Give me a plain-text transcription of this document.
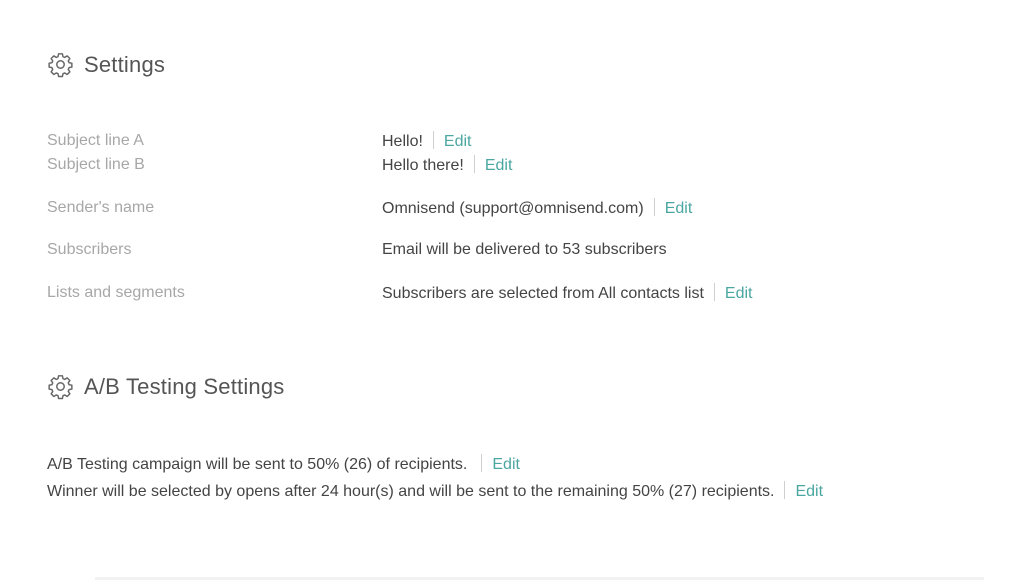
Settings
Subject line A	Hello! Edit
Subject line B	Hello there! Edit
Sender's name	Omnisend (support@omnisend.com) Edit
Subscribers	Email will be delivered to 53 subscribers
Lists and segments	Subscribers are selected from All contacts list Edit
A/B Testing Settings
A/B Testing campaign will be sent to 50% (26) of recipients. Edit
Winner will be selected by opens after 24 hour(s) and will be sent to the remaining 50% (27) recipients. Edit
